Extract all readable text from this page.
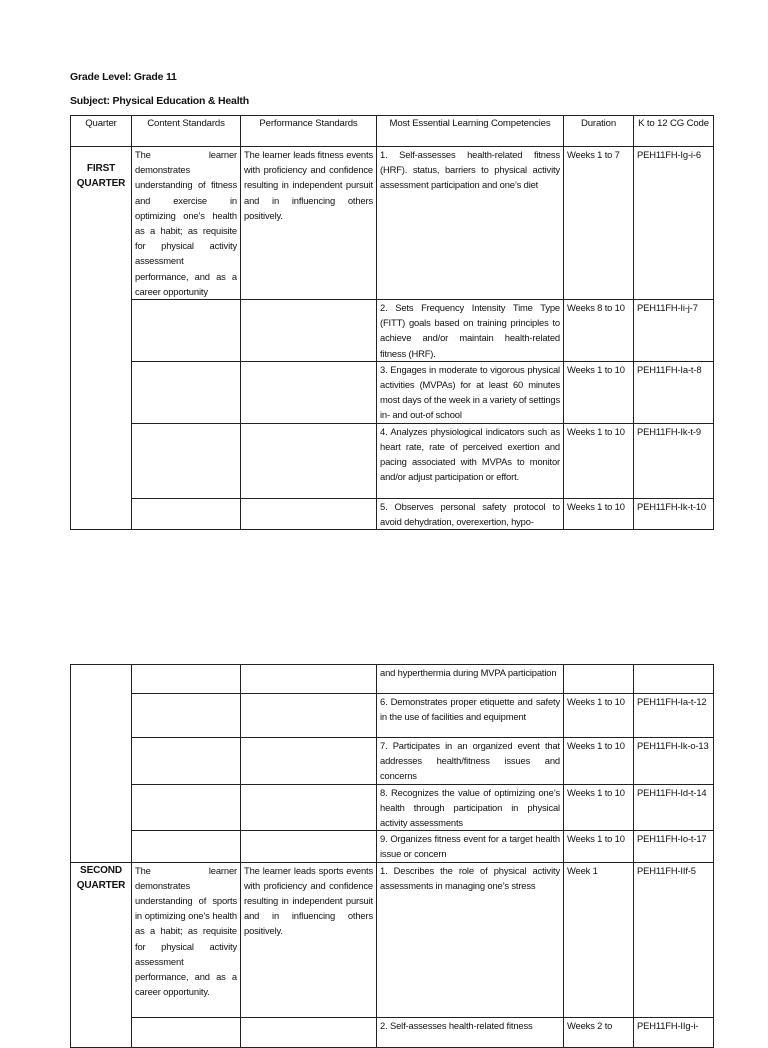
Grade Level: Grade 11
Subject: Physical Education & Health
Quarter	Content Standards	Performance Standards	Most Essential Learning Competencies	Duration	K to 12 CG Code
FIRST QUARTER	The learner demonstrates understanding of fitness and exercise in optimizing one’s health as a habit; as requisite for physical activity assessment performance, and as a career opportunity	The learner leads fitness events with proficiency and confidence resulting in independent pursuit and in influencing others positively.	1. Self-assesses health-related fitness (HRF). status, barriers to physical activity assessment participation and one’s diet	Weeks 1 to 7	PEH11FH-Ig-i-6
			2. Sets Frequency Intensity Time Type (FITT) goals based on training principles to achieve and/or maintain health-related fitness (HRF).	Weeks 8 to 10	PEH11FH-Ii-j-7
			3. Engages in moderate to vigorous physical activities (MVPAs) for at least 60 minutes most days of the week in a variety of settings in- and out-of school	Weeks 1 to 10	PEH11FH-Ia-t-8
			4. Analyzes physiological indicators such as heart rate, rate of perceived exertion and pacing associated with MVPAs to monitor and/or adjust participation or effort.	Weeks 1 to 10	PEH11FH-Ik-t-9
			5. Observes personal safety protocol to avoid dehydration, overexertion, hypo-	Weeks 1 to 10	PEH11FH-Ik-t-10
			and hyperthermia during MVPA participation		
			6. Demonstrates proper etiquette and safety in the use of facilities and equipment	Weeks 1 to 10	PEH11FH-Ia-t-12
			7. Participates in an organized event that addresses health/fitness issues and concerns	Weeks 1 to 10	PEH11FH-Ik-o-13
			8. Recognizes the value of optimizing one’s health through participation in physical activity assessments	Weeks 1 to 10	PEH11FH-Id-t-14
			9. Organizes fitness event for a target health issue or concern	Weeks 1 to 10	PEH11FH-Io-t-17
SECOND QUARTER	The learner demonstrates understanding of sports in optimizing one’s health as a habit; as requisite for physical activity assessment performance, and as a career opportunity.	The learner leads sports events with proficiency and confidence resulting in independent pursuit and in influencing others positively.	1. Describes the role of physical activity assessments in managing one’s stress	Week 1	PEH11FH-IIf-5
			2. Self-assesses health-related fitness	Weeks 2 to	PEH11FH-IIg-i-
